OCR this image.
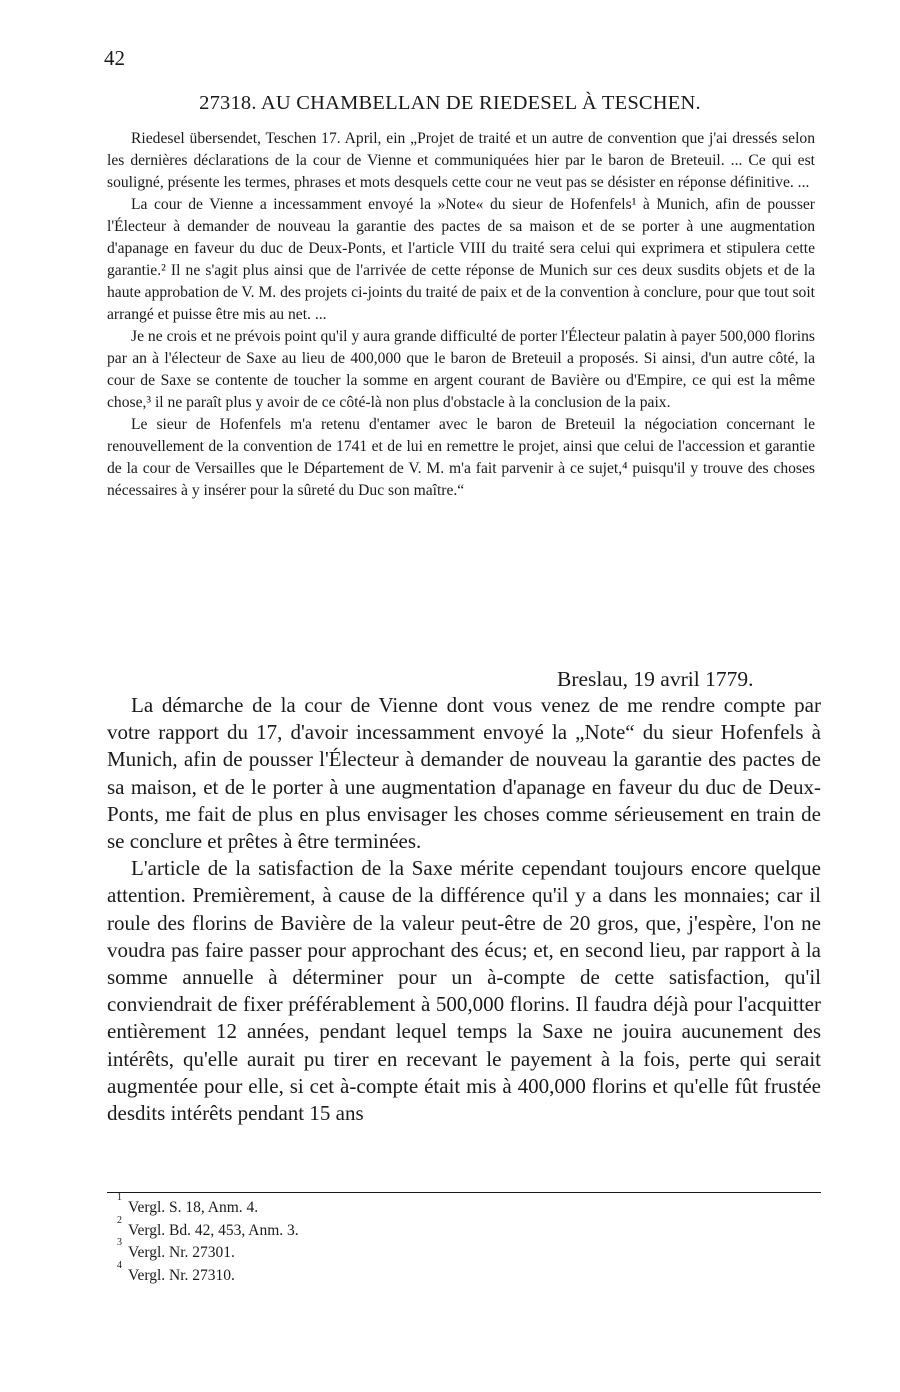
42
27318. AU CHAMBELLAN DE RIEDESEL À TESCHEN.

Riedesel übersendet, Teschen 17. April, ein „Projet de traité et un autre de convention que j'ai dressés selon les dernières déclarations de la cour de Vienne et communiquées hier par le baron de Breteuil. ... Ce qui est souligné, présente les termes, phrases et mots desquels cette cour ne veut pas se désister en réponse définitive. ...

La cour de Vienne a incessamment envoyé la »Note« du sieur de Hofenfels¹ à Munich, afin de pousser l'Électeur à demander de nouveau la garantie des pactes de sa maison et de se porter à une augmentation d'apanage en faveur du duc de Deux-Ponts, et l'article VIII du traité sera celui qui exprimera et stipulera cette garantie.² Il ne s'agit plus ainsi que de l'arrivée de cette réponse de Munich sur ces deux susdits objets et de la haute approbation de V. M. des projets ci-joints du traité de paix et de la convention à conclure, pour que tout soit arrangé et puisse être mis au net. ...

Je ne crois et ne prévois point qu'il y aura grande difficulté de porter l'Électeur palatin à payer 500,000 florins par an à l'électeur de Saxe au lieu de 400,000 que le baron de Breteuil a proposés. Si ainsi, d'un autre côté, la cour de Saxe se contente de toucher la somme en argent courant de Bavière ou d'Empire, ce qui est la même chose,³ il ne paraît plus y avoir de ce côté-là non plus d'obstacle à la conclusion de la paix.

Le sieur de Hofenfels m'a retenu d'entamer avec le baron de Breteuil la négociation concernant le renouvellement de la convention de 1741 et de lui en remettre le projet, ainsi que celui de l'accession et garantie de la cour de Versailles que le Département de V. M. m'a fait parvenir à ce sujet,⁴ puisqu'il y trouve des choses nécessaires à y insérer pour la sûreté du Duc son maître.“

Breslau, 19 avril 1779.

La démarche de la cour de Vienne dont vous venez de me rendre compte par votre rapport du 17, d'avoir incessamment envoyé la „Note“ du sieur Hofenfels à Munich, afin de pousser l'Électeur à demander de nouveau la garantie des pactes de sa maison, et de le porter à une augmentation d'apanage en faveur du duc de Deux-Ponts, me fait de plus en plus envisager les choses comme sérieusement en train de se conclure et prêtes à être terminées.

L'article de la satisfaction de la Saxe mérite cependant toujours encore quelque attention. Premièrement, à cause de la différence qu'il y a dans les monnaies; car il roule des florins de Bavière de la valeur peut-être de 20 gros, que, j'espère, l'on ne voudra pas faire passer pour approchant des écus; et, en second lieu, par rapport à la somme annuelle à déterminer pour un à-compte de cette satisfaction, qu'il conviendrait de fixer préférablement à 500,000 florins. Il faudra déjà pour l'acquitter entièrement 12 années, pendant lequel temps la Saxe ne jouira aucunement des intérêts, qu'elle aurait pu tirer en recevant le payement à la fois, perte qui serait augmentée pour elle, si cet à-compte était mis à 400,000 florins et qu'elle fût frustée desdits intérêts pendant 15 ans

$^1$
Vergl. S. 18, Anm. 4.
$^2$
Vergl. Bd. 42, 453, Anm. 3.
$^3$
Vergl. Nr. 27301.
$^4$
Vergl. Nr. 27310.
